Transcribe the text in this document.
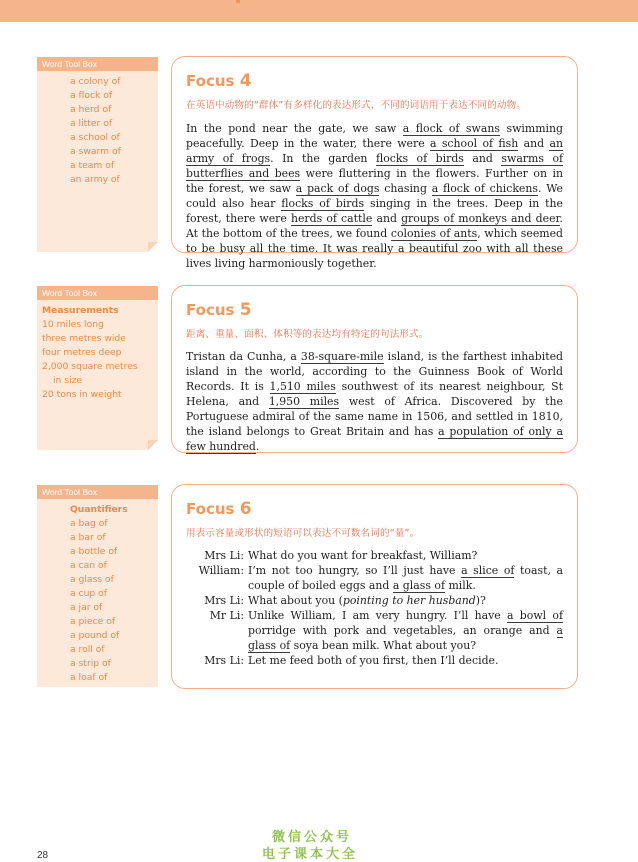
Word Tool Box
a colony of
a flock of
a herd of
a litter of
a school of
a swarm of
a team of
an army of
Word Tool Box
Measurements
10 miles long
three metres wide
four metres deep
2,000 square metres
in size
20 tons in weight
Word Tool Box
Quantifiers
a bag of
a bar of
a bottle of
a can of
a glass of
a cup of
a jar of
a piece of
a pound of
a roll of
a strip of
a loaf of
Focus 4
在英语中动物的“群体”有多样化的表达形式，不同的词语用于表达不同的动物。
In the pond near the gate, we saw a flock of swans swimming peacefully. Deep in the water, there were a school of fish and an army of frogs. In the garden flocks of birds and swarms of butterflies and bees were fluttering in the flowers. Further on in the forest, we saw a pack of dogs chasing a flock of chickens. We could also hear flocks of birds singing in the trees. Deep in the forest, there were herds of cattle and groups of monkeys and deer. At the bottom of the trees, we found colonies of ants, which seemed to be busy all the time. It was really a beautiful zoo with all these lives living harmoniously together.
Focus 5
距离、重量、面积、体积等的表达均有特定的句法形式。
Tristan da Cunha, a 38-square-mile island, is the farthest inhabited island in the world, according to the Guinness Book of World Records. It is 1,510 miles southwest of its nearest neighbour, St Helena, and 1,950 miles west of Africa. Discovered by the Portuguese admiral of the same name in 1506, and settled in 1810, the island belongs to Great Britain and has a population of only a few hundred.
Focus 6
用表示容量或形状的短语可以表达不可数名词的“量”。
Mrs Li: What do you want for breakfast, William?
William: I’m not too hungry, so I’ll just have a slice of toast, a couple of boiled eggs and a glass of milk.
Mrs Li: What about you (pointing to her husband)?
Mr Li: Unlike William, I am very hungry. I’ll have a bowl of porridge with pork and vegetables, an orange and a glass of soya bean milk. What about you?
Mrs Li: Let me feed both of you first, then I’ll decide.
微信公众号
电子课本大全
28
